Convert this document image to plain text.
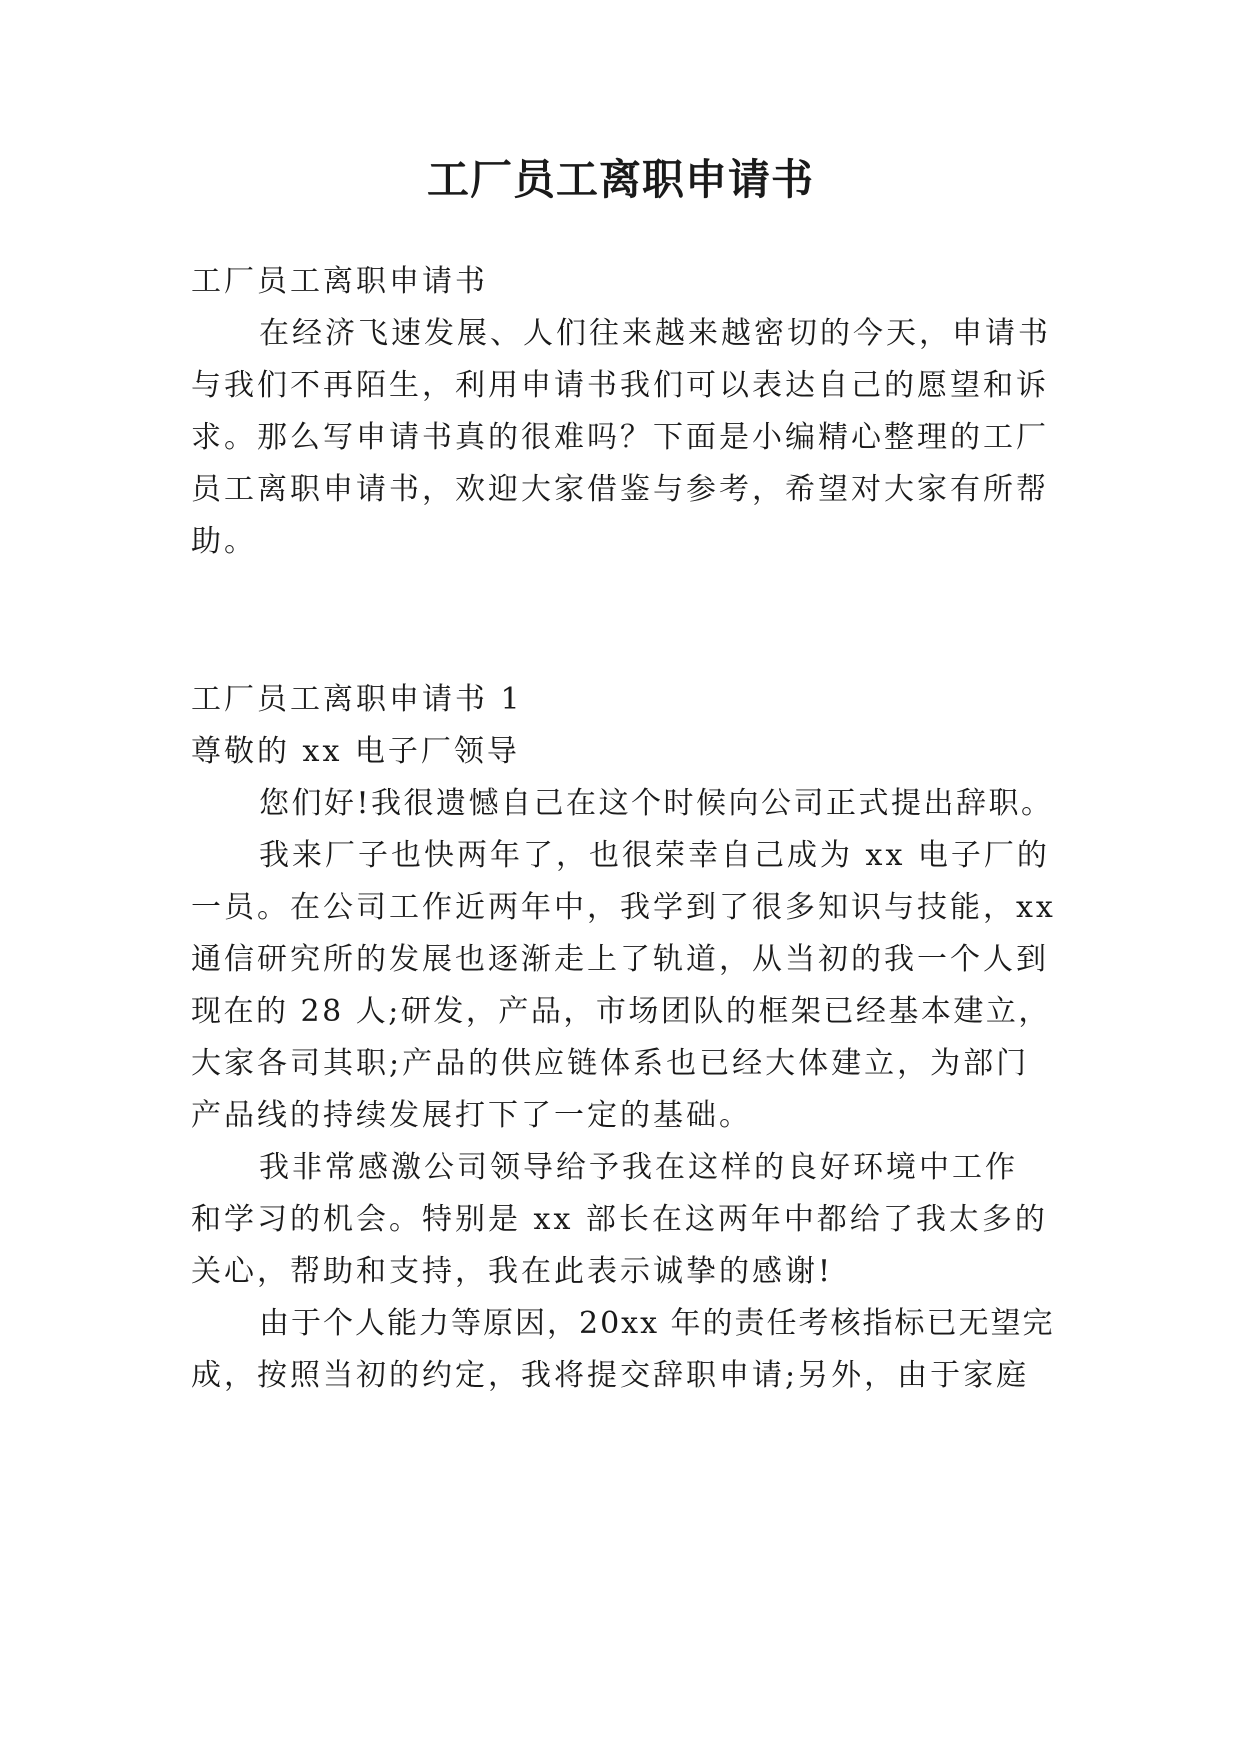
工厂员工离职申请书
工厂员工离职申请书
在经济飞速发展、人们往来越来越密切的今天，申请书
与我们不再陌生，利用申请书我们可以表达自己的愿望和诉
求。那么写申请书真的很难吗？下面是小编精心整理的工厂
员工离职申请书，欢迎大家借鉴与参考，希望对大家有所帮
助。
工厂员工离职申请书 1
尊敬的 xx 电子厂领导
您们好!我很遗憾自己在这个时候向公司正式提出辞职。
我来厂子也快两年了，也很荣幸自己成为 xx 电子厂的
一员。在公司工作近两年中，我学到了很多知识与技能，xx
通信研究所的发展也逐渐走上了轨道，从当初的我一个人到
现在的 28 人;研发，产品，市场团队的框架已经基本建立，
大家各司其职;产品的供应链体系也已经大体建立，为部门
产品线的持续发展打下了一定的基础。
我非常感激公司领导给予我在这样的良好环境中工作
和学习的机会。特别是 xx 部长在这两年中都给了我太多的
关心，帮助和支持，我在此表示诚挚的感谢!
由于个人能力等原因，20xx 年的责任考核指标已无望完
成，按照当初的约定，我将提交辞职申请;另外，由于家庭
